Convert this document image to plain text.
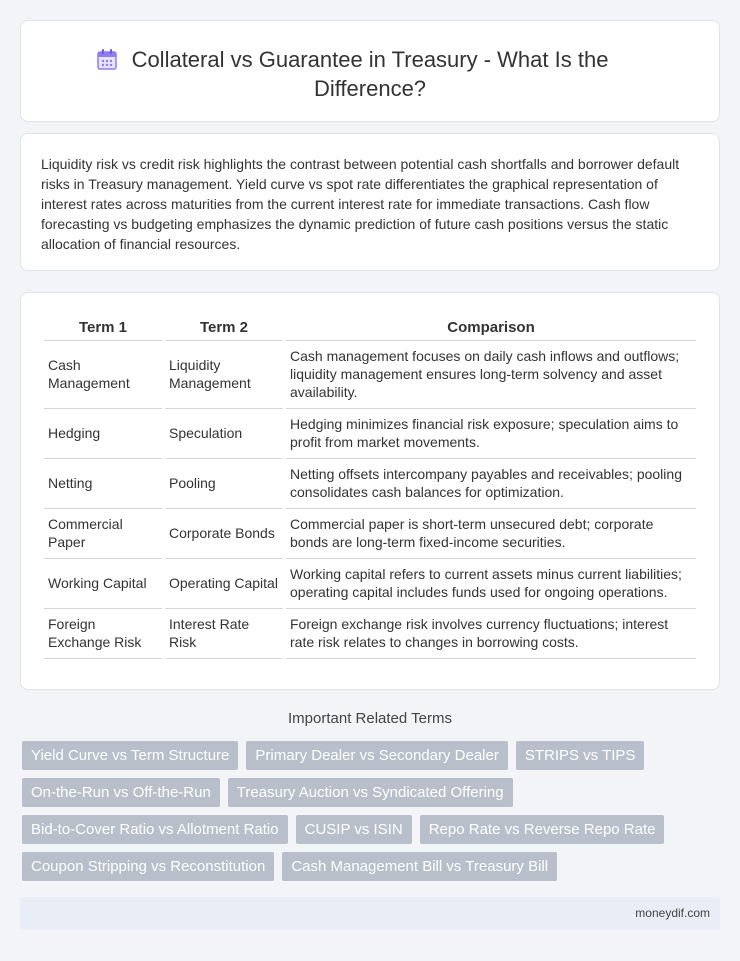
Collateral vs Guarantee in Treasury - What Is the Difference?

Liquidity risk vs credit risk highlights the contrast between potential cash shortfalls and borrower default risks in Treasury management. Yield curve vs spot rate differentiates the graphical representation of interest rates across maturities from the current interest rate for immediate transactions. Cash flow forecasting vs budgeting emphasizes the dynamic prediction of future cash positions versus the static allocation of financial resources.

Term 1	Term 2	Comparison
Cash Management	Liquidity Management	Cash management focuses on daily cash inflows and outflows; liquidity management ensures long-term solvency and asset availability.
Hedging	Speculation	Hedging minimizes financial risk exposure; speculation aims to profit from market movements.
Netting	Pooling	Netting offsets intercompany payables and receivables; pooling consolidates cash balances for optimization.
Commercial Paper	Corporate Bonds	Commercial paper is short-term unsecured debt; corporate bonds are long-term fixed-income securities.
Working Capital	Operating Capital	Working capital refers to current assets minus current liabilities; operating capital includes funds used for ongoing operations.
Foreign Exchange Risk	Interest Rate Risk	Foreign exchange risk involves currency fluctuations; interest rate risk relates to changes in borrowing costs.
Important Related Terms
Yield Curve vs Term Structure	Primary Dealer vs Secondary Dealer	STRIPS vs TIPS
On-the-Run vs Off-the-Run	Treasury Auction vs Syndicated Offering
Bid-to-Cover Ratio vs Allotment Ratio	CUSIP vs ISIN	Repo Rate vs Reverse Repo Rate
Coupon Stripping vs Reconstitution	Cash Management Bill vs Treasury Bill
moneydif.com
